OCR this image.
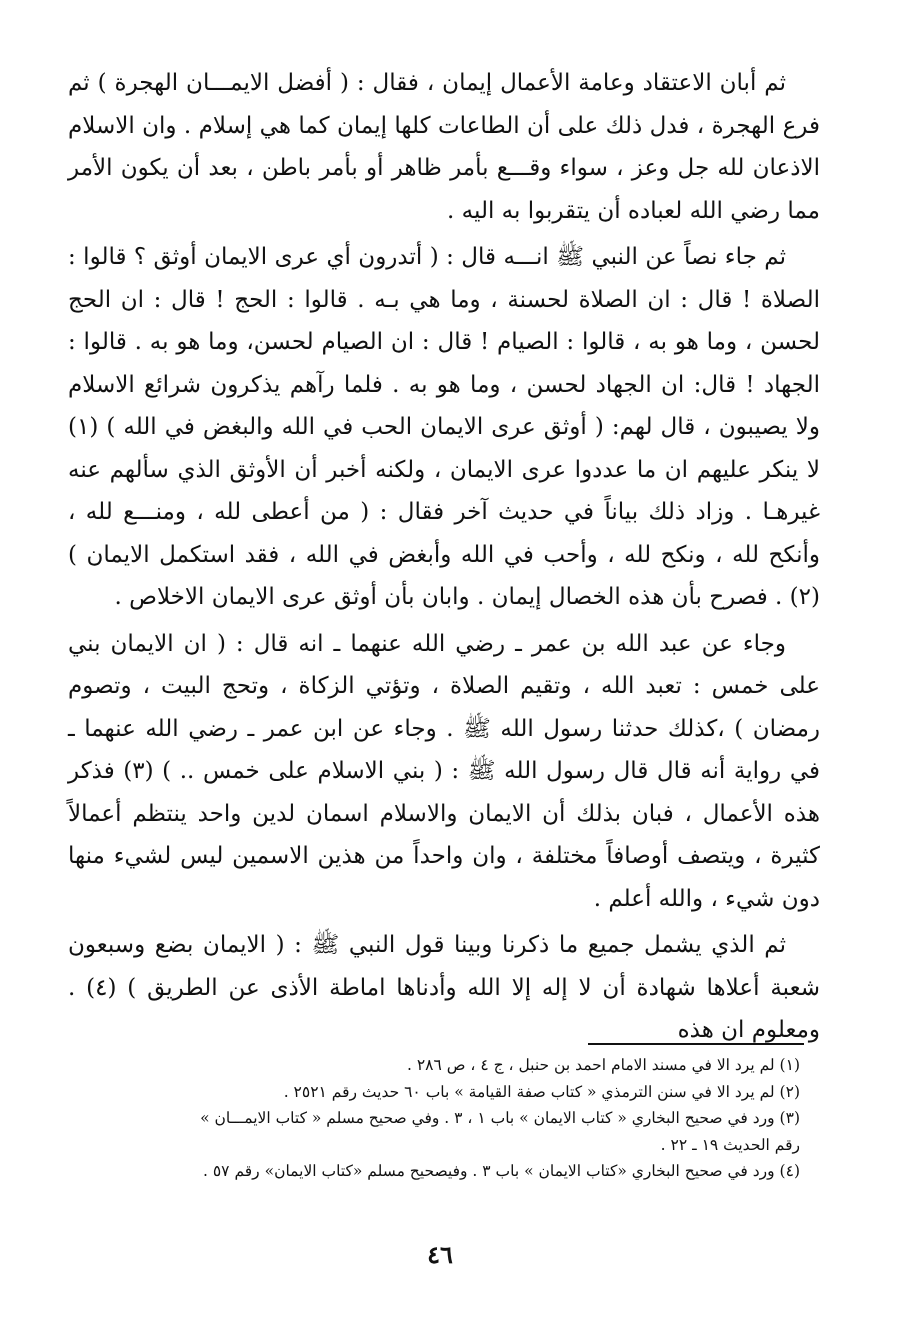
ثم أبان الاعتقاد وعامة الأعمال إيمان ، فقال : ( أفضل الايمـــان الهجرة ) ثم فرع الهجرة ، فدل ذلك على أن الطاعات كلها إيمان كما هي إسلام . وان الاسلام الاذعان لله جل وعز ، سواء وقـــع بأمر ظاهر أو بأمر باطن ، بعد أن يكون الأمر مما رضي الله لعباده أن يتقربوا به اليه .

ثم جاء نصاً عن النبي ﷺ انـــه قال : ( أتدرون أي عرى الايمان أوثق ؟ قالوا : الصلاة ! قال : ان الصلاة لحسنة ، وما هي بـه . قالوا : الحج ! قال : ان الحج لحسن ، وما هو به ، قالوا : الصيام ! قال : ان الصيام لحسن، وما هو به . قالوا : الجهاد ! قال: ان الجهاد لحسن ، وما هو به . فلما رآهم يذكرون شرائع الاسلام ولا يصيبون ، قال لهم: ( أوثق عرى الايمان الحب في الله والبغض في الله ) (١) لا ينكر عليهم ان ما عددوا عرى الايمان ، ولكنه أخبر أن الأوثق الذي سألهم عنه غيرهـا . وزاد ذلك بياناً في حديث آخر فقال : ( من أعطى لله ، ومنـــع لله ، وأنكح لله ، ونكح لله ، وأحب في الله وأبغض في الله ، فقد استكمل الايمان ) (٢) . فصرح بأن هذه الخصال إيمان . وابان بأن أوثق عرى الايمان الاخلاص .

وجاء عن عبد الله بن عمر ـ رضي الله عنهما ـ انه قال : ( ان الايمان بني على خمس : تعبد الله ، وتقيم الصلاة ، وتؤتي الزكاة ، وتحج البيت ، وتصوم رمضان ) ،كذلك حدثنا رسول الله ﷺ . وجاء عن ابن عمر ـ رضي الله عنهما ـ في رواية أنه قال قال رسول الله ﷺ : ( بني الاسلام على خمس .. ) (٣) فذكر هذه الأعمال ، فبان بذلك أن الايمان والاسلام اسمان لدين واحد ينتظم أعمالاً كثيرة ، ويتصف أوصافاً مختلفة ، وان واحداً من هذين الاسمين ليس لشيء منها دون شيء ، والله أعلم .

ثم الذي يشمل جميع ما ذكرنا وبينا قول النبي ﷺ : ( الايمان بضع وسبعون شعبة أعلاها شهادة أن لا إله إلا الله وأدناها اماطة الأذى عن الطريق ) (٤) . ومعلوم ان هذه

(١) لم يرد الا في مسند الامام احمد بن حنبل ، ج ٤ ، ص ٢٨٦ .

(٢) لم يرد الا في سنن الترمذي « كتاب صفة القيامة » باب ٦٠ حديث رقم ٢٥٢١ .

(٣) ورد في صحيح البخاري « كتاب الايمان » باب ١ ، ٣ . وفي صحيح مسلم « كتاب الايمـــان »

رقم الحديث ١٩ ـ ٢٢ .

(٤) ورد في صحيح البخاري «كتاب الايمان » باب ٣ . وفيصحيح مسلم «كتاب الايمان» رقم ٥٧ .

٤٦
